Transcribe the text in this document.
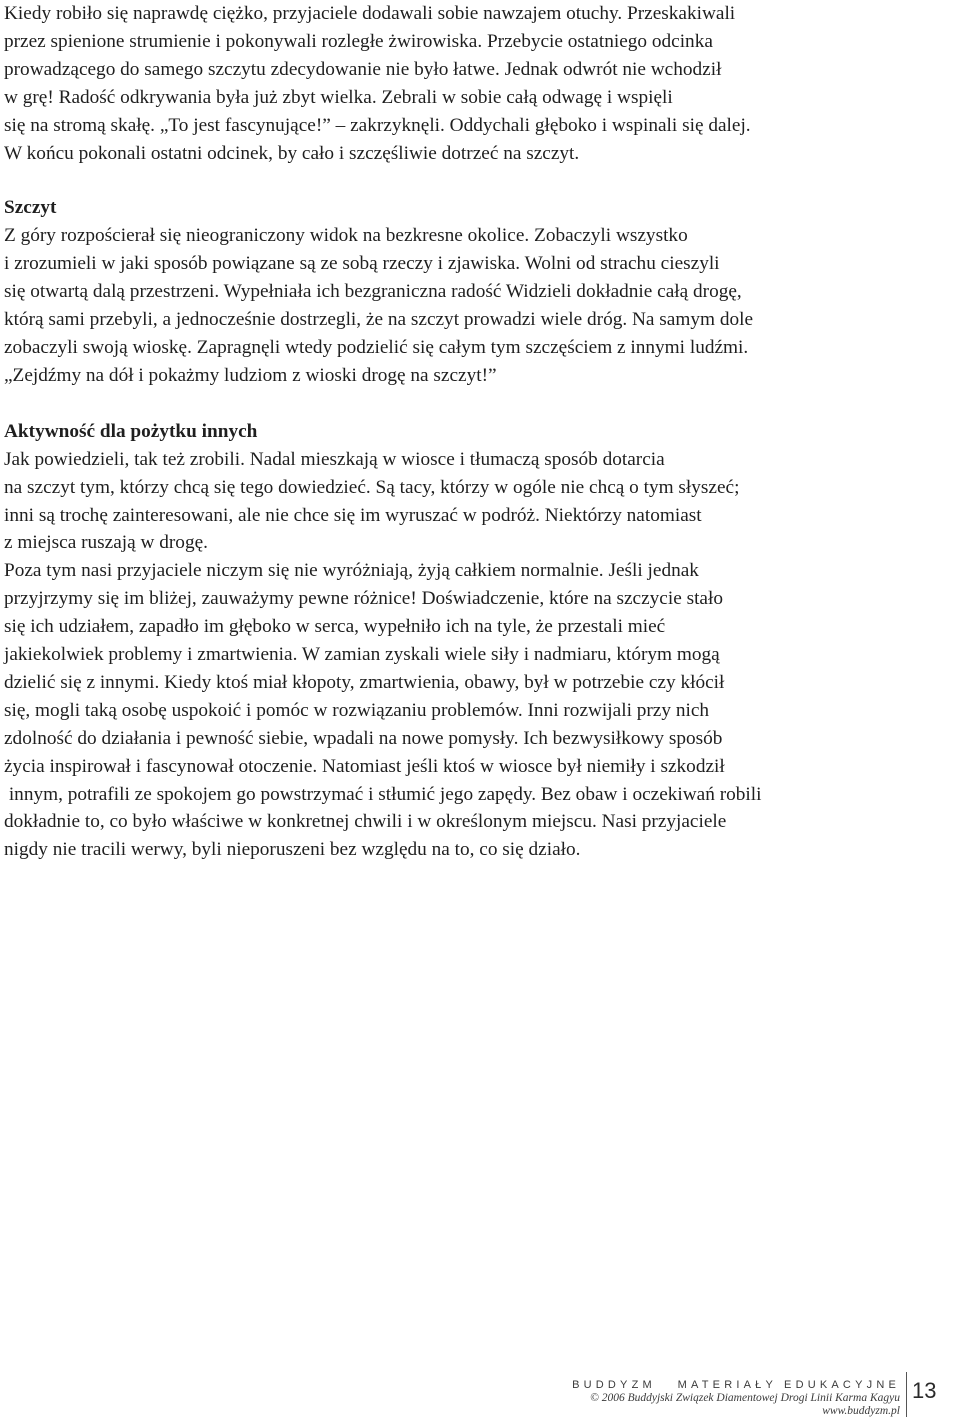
Kiedy robiło się naprawdę ciężko, przyjaciele dodawali sobie nawzajem otuchy. Przeskakiwali
przez spienione strumienie i pokonywali rozległe żwirowiska. Przebycie ostatniego odcinka
prowadzącego do samego szczytu zdecydowanie nie było łatwe. Jednak odwrót nie wchodził
w grę! Radość odkrywania była już zbyt wielka. Zebrali w sobie całą odwagę i wspięli
się na stromą skałę. „To jest fascynujące!” – zakrzyknęli. Oddychali głęboko i wspinali się dalej.
W końcu pokonali ostatni odcinek, by cało i szczęśliwie dotrzeć na szczyt.
Szczyt
Z góry rozpościerał się nieograniczony widok na bezkresne okolice. Zobaczyli wszystko
i zrozumieli w jaki sposób powiązane są ze sobą rzeczy i zjawiska. Wolni od strachu cieszyli
się otwartą dalą przestrzeni. Wypełniała ich bezgraniczna radość Widzieli dokładnie całą drogę,
którą sami przebyli, a jednocześnie dostrzegli, że na szczyt prowadzi wiele dróg. Na samym dole
zobaczyli swoją wioskę. Zapragnęli wtedy podzielić się całym tym szczęściem z innymi ludźmi.
„Zejdźmy na dół i pokażmy ludziom z wioski drogę na szczyt!”
Aktywność dla pożytku innych
Jak powiedzieli, tak też zrobili. Nadal mieszkają w wiosce i tłumaczą sposób dotarcia
na szczyt tym, którzy chcą się tego dowiedzieć. Są tacy, którzy w ogóle nie chcą o tym słyszeć;
inni są trochę zainteresowani, ale nie chce się im wyruszać w podróż. Niektórzy natomiast
z miejsca ruszają w drogę.
Poza tym nasi przyjaciele niczym się nie wyróżniają, żyją całkiem normalnie. Jeśli jednak
przyjrzymy się im bliżej, zauważymy pewne różnice! Doświadczenie, które na szczycie stało
się ich udziałem, zapadło im głęboko w serca, wypełniło ich na tyle, że przestali mieć
jakiekolwiek problemy i zmartwienia. W zamian zyskali wiele siły i nadmiaru, którym mogą
dzielić się z innymi. Kiedy ktoś miał kłopoty, zmartwienia, obawy, był w potrzebie czy kłócił
się, mogli taką osobę uspokoić i pomóc w rozwiązaniu problemów. Inni rozwijali przy nich
zdolność do działania i pewność siebie, wpadali na nowe pomysły. Ich bezwysiłkowy sposób
życia inspirował i fascynował otoczenie. Natomiast jeśli ktoś w wiosce był niemiły i szkodził
innym, potrafili ze spokojem go powstrzymać i stłumić jego zapędy. Bez obaw i oczekiwań robili
dokładnie to, co było właściwe w konkretnej chwili i w określonym miejscu. Nasi przyjaciele
nigdy nie tracili werwy, byli nieporuszeni bez względu na to, co się działo.
BUDDYZM   MATERIAŁY EDUKACYJNE
© 2006 Buddyjski Związek Diamentowej Drogi Linii Karma Kagyu
www.buddyzm.pl
13
